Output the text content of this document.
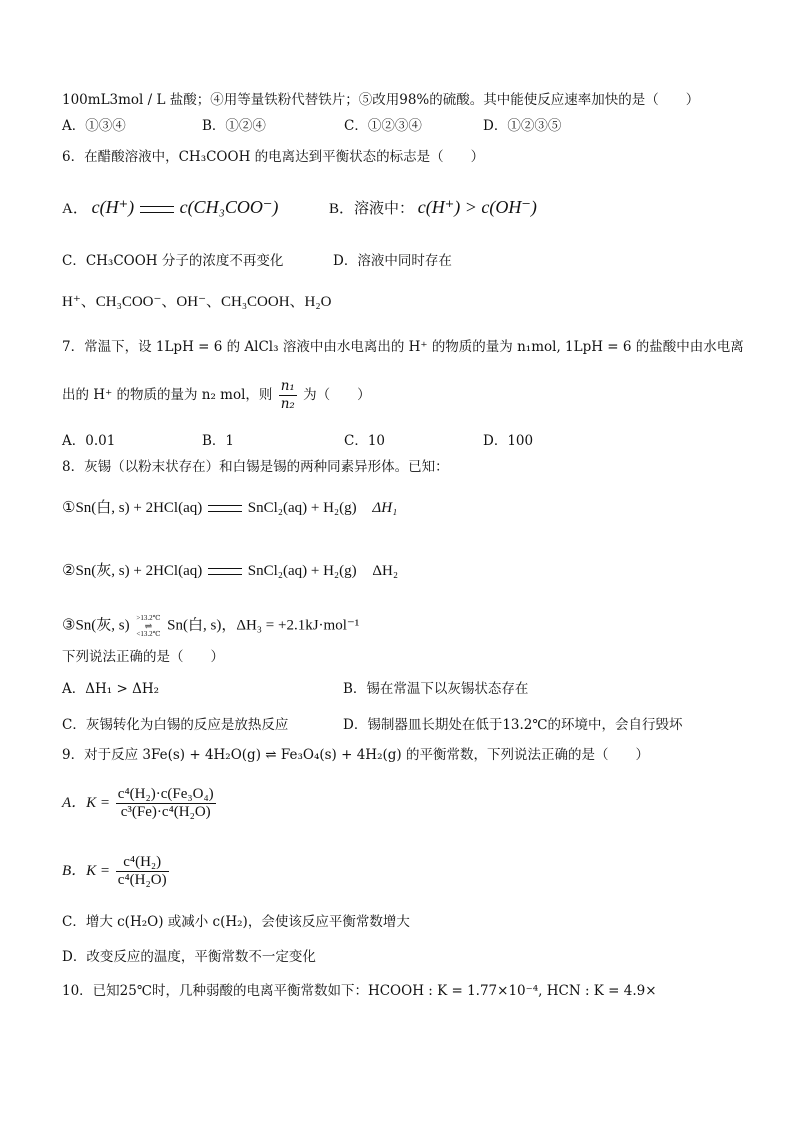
100mL3mol / L 盐酸；④用等量铁粉代替铁片；⑤改用98%的硫酸。其中能使反应速率加快的是（　　）
A．①③④	B．①②④	C．①②③④	D．①②③⑤
6．在醋酸溶液中，CH₃COOH 的电离达到平衡状态的标志是（　　）
A． c(H⁺)	c(CH₃COO⁻)	B．溶液中： c(H⁺) > c(OH⁻)
C．CH₃COOH 分子的浓度不再变化	D．溶液中同时存在
H⁺、CH₃COO⁻、OH⁻、CH₃COOH、H₂O
7．常温下，设 1LpH = 6 的 AlCl₃ 溶液中由水电离出的 H⁺ 的物质的量为 n₁mol, 1LpH = 6 的盐酸中由水电离
出的 H⁺ 的物质的量为 n₂ mol，则 $\frac{\text{n₁}}{\text{n₂}}$ 为（　　）
A．0.01	B．1	C．10	D．100
8．灰锡（以粉末状存在）和白锡是锡的两种同素异形体。已知：
①Sn(白, s) + 2HCl(aq)	SnCl₂(aq) + H₂(g) ΔH₁
②Sn(灰, s) + 2HCl(aq)	SnCl₂(aq) + H₂(g) ΔH₂
③Sn(灰, s) >13.2℃
⇌
<13.2℃
Sn(白, s)，ΔH₃ = +2.1kJ·mol⁻¹
下列说法正确的是（　　）
A．ΔH₁ > ΔH₂	B．锡在常温下以灰锡状态存在
C．灰锡转化为白锡的反应是放热反应	D．锡制器皿长期处在低于13.2℃的环境中，会自行毁坏
9．对于反应 3Fe(s) + 4H₂O(g) ⇌ Fe₃O₄(s) + 4H₂(g) 的平衡常数，下列说法正确的是（　　）
A．$K = \frac{\text{c⁴(H₂)·c(Fe₃O₄)}}{\text{c³(Fe)·c⁴(H₂O)}}$
B．$K = \frac{\text{c⁴(H₂)}}{\text{c⁴(H₂O)}}$
C．增大 c(H₂O) 或减小 c(H₂)，会使该反应平衡常数增大
D．改变反应的温度，平衡常数不一定变化
10．已知25℃时，几种弱酸的电离平衡常数如下：HCOOH : K = 1.77×10⁻⁴, HCN : K = 4.9×
